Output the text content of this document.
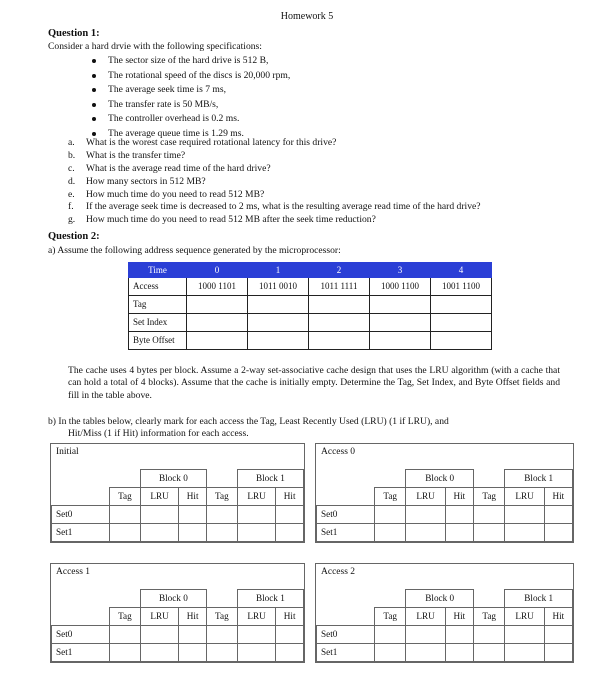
Homework 5
Question 1:
Consider a hard drvie with the following specifications:
The sector size of the hard drive is 512 B,
The rotational speed of the discs is 20,000 rpm,
The average seek time is 7 ms,
The transfer rate is 50 MB/s,
The controller overhead is 0.2 ms.
The average queue time is 1.29 ms.
a.	What is the worest case required rotational latency for this drive?
b.	What is the transfer time?
c.	What is the average read time of the hard drive?
d.	How many sectors in 512 MB?
e.	How much time do you need to read 512 MB?
f.	If the average seek time is decreased to 2 ms, what is the resulting average read time of the hard drive?
g.	How much time do you need to read 512 MB after the seek time reduction?
Question 2:
a) Assume the following address sequence generated by the microprocessor:
Time	0	1	2	3	4
Access	1000 1101	1011 0010	1011 1111	1000 1100	1001 1100
Tag					
Set Index					
Byte Offset					
The cache uses 4 bytes per block. Assume a 2-way set-associative cache design that uses the LRU algorithm (with a cache that can hold a total of 4 blocks). Assume that the cache is initially empty. Determine the Tag, Set Index, and Byte Offset fields and fill in the table above.
b) In the tables below, clearly mark for each access the Tag, Least Recently Used (LRU) (1 if LRU), and
Hit/Miss (1 if Hit) information for each access.
Initial
		Block 0			Block 1	
	Tag	LRU	Hit	Tag	LRU	Hit
Set0						
Set1						
Access 0
		Block 0			Block 1	
	Tag	LRU	Hit	Tag	LRU	Hit
Set0						
Set1						
Access 1
		Block 0			Block 1	
	Tag	LRU	Hit	Tag	LRU	Hit
Set0						
Set1						
Access 2
		Block 0			Block 1	
	Tag	LRU	Hit	Tag	LRU	Hit
Set0						
Set1						
